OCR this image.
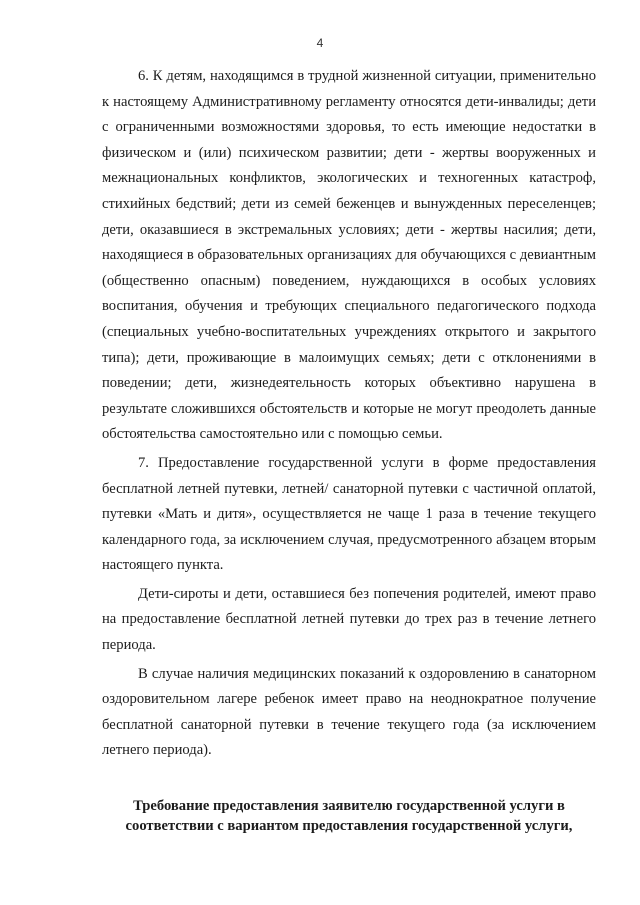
4

6. К детям, находящимся в трудной жизненной ситуации, применительно к настоящему Административному регламенту относятся дети-инвалиды; дети с ограниченными возможностями здоровья, то есть имеющие недостатки в физическом и (или) психическом развитии; дети - жертвы вооруженных и межнациональных конфликтов, экологических и техногенных катастроф, стихийных бедствий; дети из семей беженцев и вынужденных переселенцев; дети, оказавшиеся в экстремальных условиях; дети - жертвы насилия; дети, находящиеся в образовательных организациях для обучающихся с девиантным (общественно опасным) поведением, нуждающихся в особых условиях воспитания, обучения и требующих специального педагогического подхода (специальных учебно-воспитательных учреждениях открытого и закрытого типа); дети, проживающие в малоимущих семьях; дети с отклонениями в поведении; дети, жизнедеятельность которых объективно нарушена в результате сложившихся обстоятельств и которые не могут преодолеть данные обстоятельства самостоятельно или с помощью семьи.

7. Предоставление государственной услуги в форме предоставления бесплатной летней путевки, летней/ санаторной путевки с частичной оплатой, путевки «Мать и дитя», осуществляется не чаще 1 раза в течение текущего календарного года, за исключением случая, предусмотренного абзацем вторым настоящего пункта.

Дети-сироты и дети, оставшиеся без попечения родителей, имеют право на предоставление бесплатной летней путевки до трех раз в течение летнего периода.

В случае наличия медицинских показаний к оздоровлению в санаторном оздоровительном лагере ребенок имеет право на неоднократное получение бесплатной санаторной путевки в течение текущего года (за исключением летнего периода).

Требование предоставления заявителю государственной услуги в соответствии с вариантом предоставления государственной услуги,
